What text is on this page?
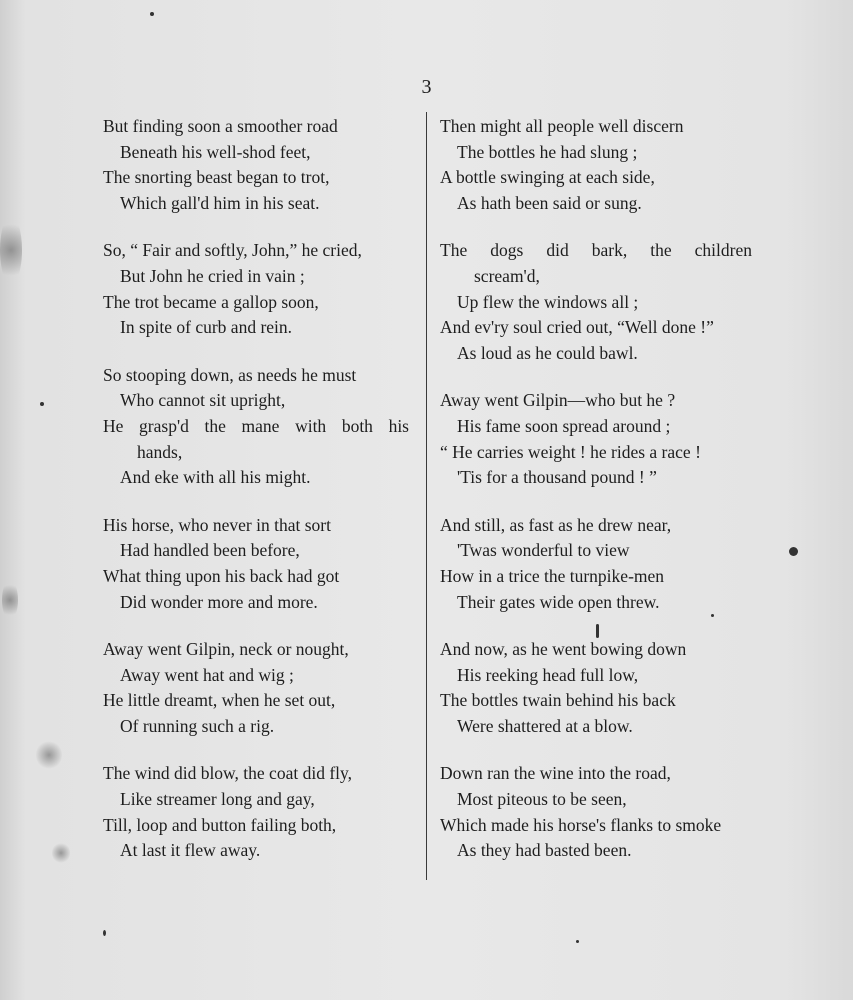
3
But finding soon a smoother road
Beneath his well-shod feet,
The snorting beast began to trot,
Which gall'd him in his seat.
So, “ Fair and softly, John,” he cried,
But John he cried in vain ;
The trot became a gallop soon,
In spite of curb and rein.
So stooping down, as needs he must
Who cannot sit upright,
He grasp'd the mane with both his
hands,
And eke with all his might.
His horse, who never in that sort
Had handled been before,
What thing upon his back had got
Did wonder more and more.
Away went Gilpin, neck or nought,
Away went hat and wig ;
He little dreamt, when he set out,
Of running such a rig.
The wind did blow, the coat did fly,
Like streamer long and gay,
Till, loop and button failing both,
At last it flew away.
Then might all people well discern
The bottles he had slung ;
A bottle swinging at each side,
As hath been said or sung.
The dogs did bark, the children
scream'd,
Up flew the windows all ;
And ev'ry soul cried out, “Well done !”
As loud as he could bawl.
Away went Gilpin—who but he ?
His fame soon spread around ;
“ He carries weight ! he rides a race !
'Tis for a thousand pound ! ”
And still, as fast as he drew near,
'Twas wonderful to view
How in a trice the turnpike-men
Their gates wide open threw.
And now, as he went bowing down
His reeking head full low,
The bottles twain behind his back
Were shattered at a blow.
Down ran the wine into the road,
Most piteous to be seen,
Which made his horse's flanks to smoke
As they had basted been.
